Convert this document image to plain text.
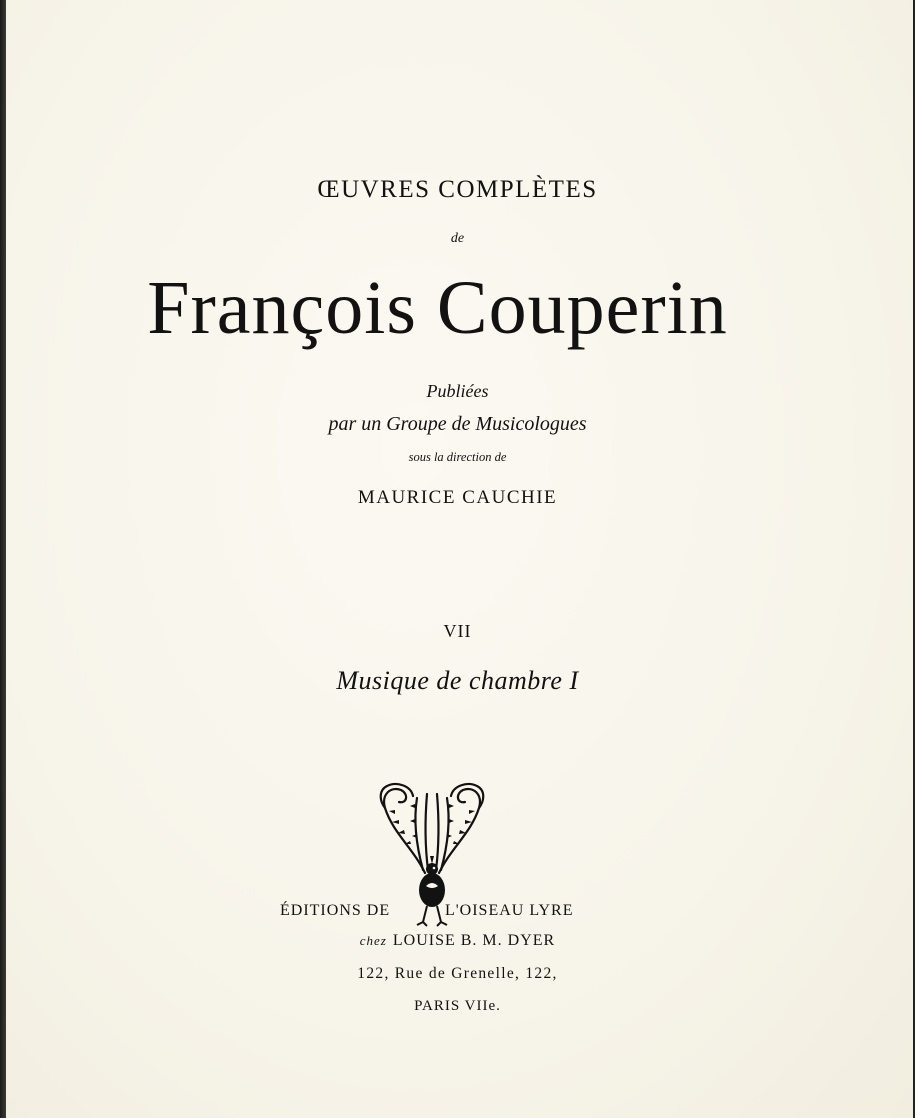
ŒUVRES COMPLÈTES
de
François Couperin
Publiées
par un Groupe de Musicologues
sous la direction de
MAURICE CAUCHIE
VII
Musique de chambre I
ÉDITIONS DE	L'OISEAU LYRE
chez LOUISE B. M. DYER
122, Rue de Grenelle, 122,
PARIS VIIe.
